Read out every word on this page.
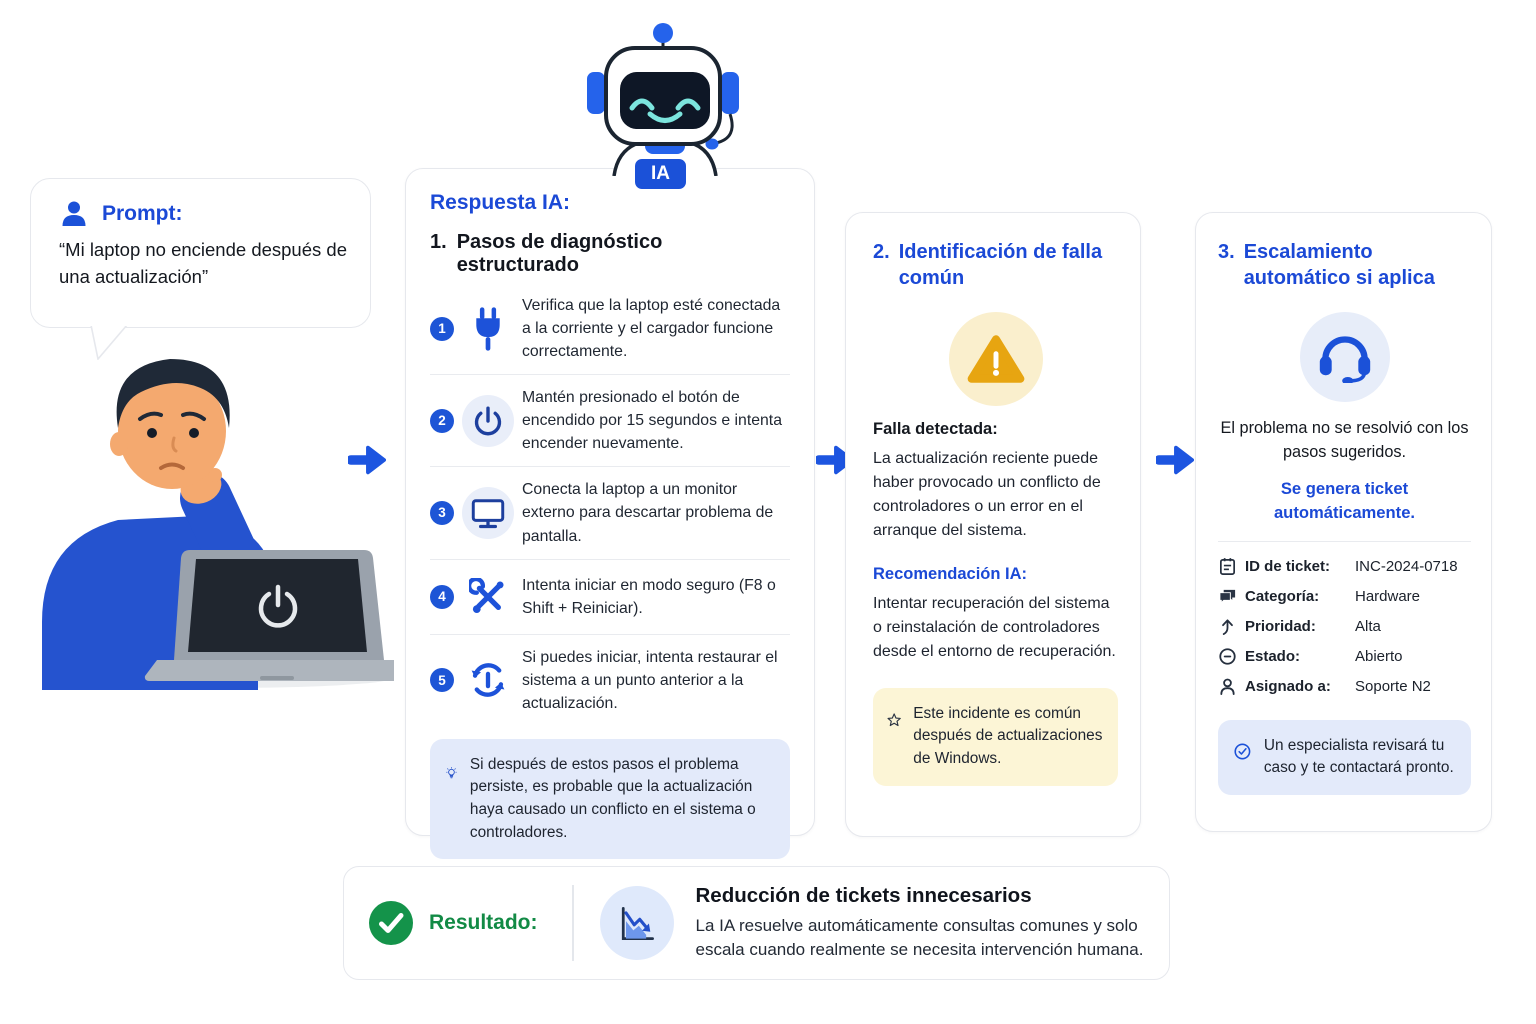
IA
Prompt:
“Mi laptop no enciende después de una actualización”
Respuesta IA:
1. Pasos de diagnóstico estructurado
1
Verifica que la laptop esté conectada a la corriente y el cargador funcione correctamente.
2
Mantén presionado el botón de encendido por 15 segundos e intenta encender nuevamente.
3
Conecta la laptop a un monitor externo para descartar problema de pantalla.
4
Intenta iniciar en modo seguro (F8 o Shift + Reiniciar).
5
Si puedes iniciar, intenta restaurar el sistema a un punto anterior a la actualización.
Si después de estos pasos el problema persiste, es probable que la actualización haya causado un conflicto en el sistema o controladores.
2. Identificación de falla común
Falla detectada:
La actualización reciente puede haber provocado un conflicto de controladores o un error en el arranque del sistema.
Recomendación IA:
Intentar recuperación del sistema o reinstalación de controladores desde el entorno de recuperación.
Este incidente es común después de actualizaciones de Windows.
3. Escalamiento automático si aplica
El problema no se resolvió con los pasos sugeridos.
Se genera ticket automáticamente.
ID de ticket:	INC-2024-0718
Categoría:	Hardware
Prioridad:	Alta
Estado:	Abierto
Asignado a:	Soporte N2
Un especialista revisará tu caso y te contactará pronto.
Resultado:
Reducción de tickets innecesarios
La IA resuelve automáticamente consultas comunes y solo escala cuando realmente se necesita intervención humana.
